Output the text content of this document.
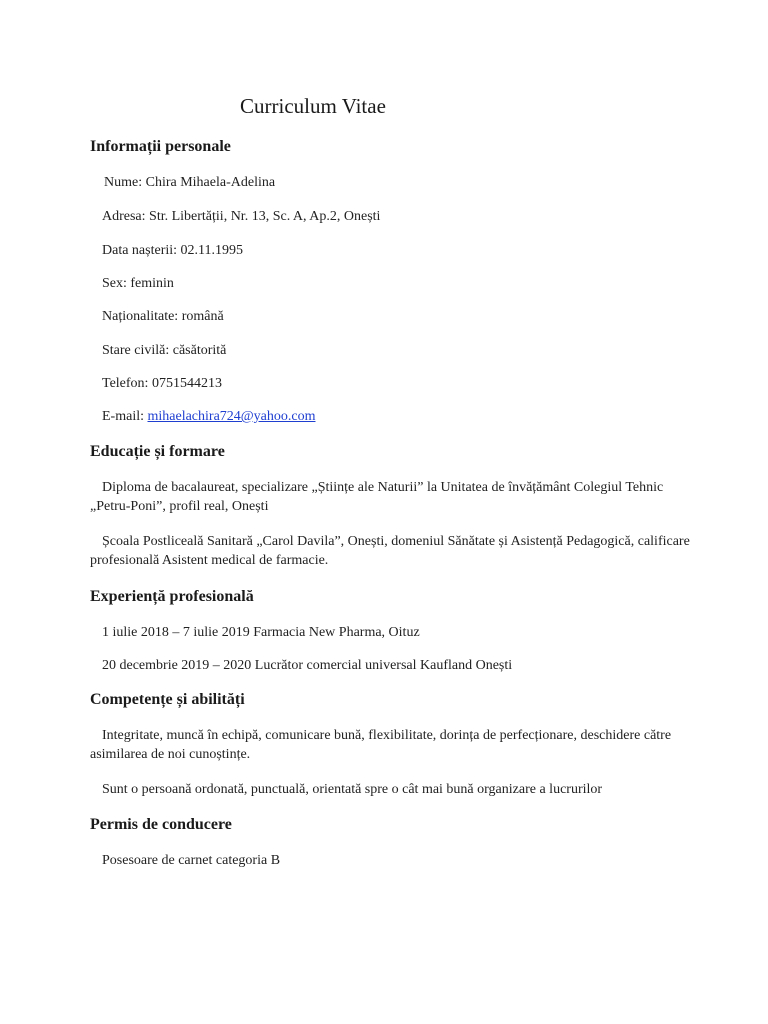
Curriculum Vitae
Informații personale
Nume: Chira Mihaela-Adelina
Adresa: Str. Libertății, Nr. 13, Sc. A, Ap.2, Onești
Data nașterii: 02.11.1995
Sex: feminin
Naționalitate: română
Stare civilă: căsătorită
Telefon: 0751544213
E-mail: mihaelachira724@yahoo.com
Educație și formare
Diploma de bacalaureat, specializare „Științe ale Naturii” la Unitatea de învățământ Colegiul Tehnic „Petru-Poni”, profil real, Onești
Școala Postliceală Sanitară „Carol Davila”, Onești, domeniul Sănătate și Asistență Pedagogică, calificare profesională Asistent medical de farmacie.
Experiență profesională
1 iulie 2018 – 7 iulie 2019 Farmacia New Pharma, Oituz
20 decembrie 2019 – 2020 Lucrător comercial universal Kaufland Onești
Competențe și abilități
Integritate, muncă în echipă, comunicare bună, flexibilitate, dorința de perfecționare, deschidere către asimilarea de noi cunoștințe.
Sunt o persoană ordonată, punctuală, orientată spre o cât mai bună organizare a lucrurilor
Permis de conducere
Posesoare de carnet categoria B
